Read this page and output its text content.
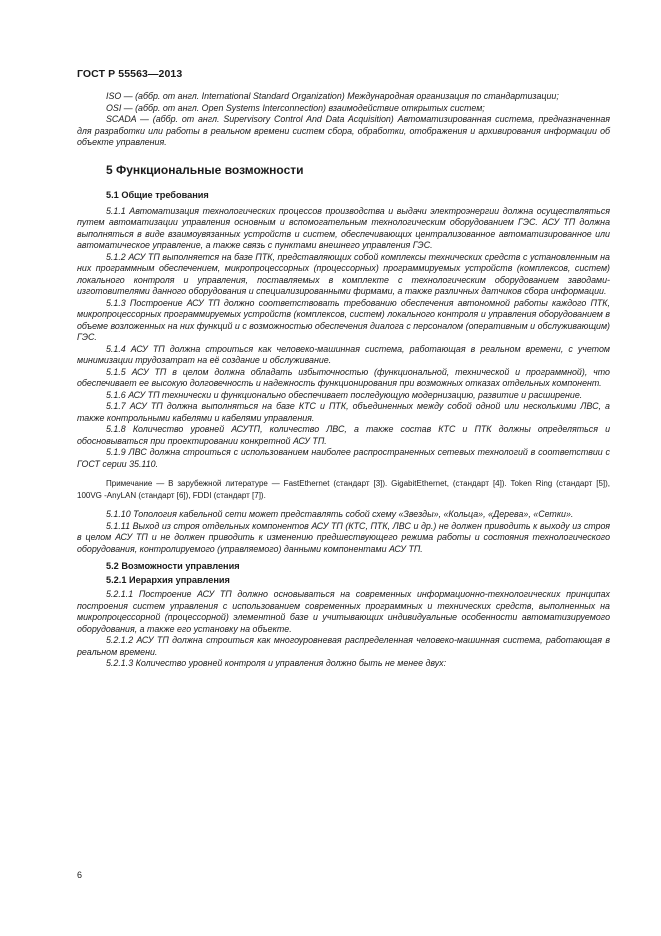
ГОСТ Р 55563—2013

ISO — (аббр. от англ. International Standard Organization) Международная организация по стандартизации;

OSI — (аббр. от англ. Open Systems Interconnection) взаимодействие открытых систем;

SCADA — (аббр. от англ. Supervisory Control And Data Acquisition) Автоматизированная система, предназначенная для разработки или работы в реальном времени систем сбора, обработки, отображения и архивирования информации об объекте управления.

5 Функциональные возможности
5.1 Общие требования

5.1.1 Автоматизация технологических процессов производства и выдачи электроэнергии должна осуществляться путем автоматизации управления основным и вспомогательным технологическим оборудованием ГЭС. АСУ ТП должна выполняться в виде взаимоувязанных устройств и систем, обеспечивающих централизованное автоматизированное или автоматическое управление, а также связь с пунктами внешнего управления ГЭС.

5.1.2 АСУ ТП выполняется на базе ПТК, представляющих собой комплексы технических средств с установленным на них программным обеспечением, микропроцессорных (процессорных) программируемых устройств (комплексов, систем) локального контроля и управления, поставляемых в комплекте с технологическим оборудованием заводами-изготовителями данного оборудования и специализированными фирмами, а также различных датчиков сбора информации.

5.1.3 Построение АСУ ТП должно соответствовать требованию обеспечения автономной работы каждого ПТК, микропроцессорных программируемых устройств (комплексов, систем) локального контроля и управления оборудованием в объеме возложенных на них функций и с возможностью обеспечения диалога с персоналом (оперативным и обслуживающим) ГЭС.

5.1.4 АСУ ТП должна строиться как человеко-машинная система, работающая в реальном времени, с учетом минимизации трудозатрат на её создание и обслуживание.

5.1.5 АСУ ТП в целом должна обладать избыточностью (функциональной, технической и программной), что обеспечивает ее высокую долговечность и надежность функционирования при возможных отказах отдельных компонент.

5.1.6 АСУ ТП технически и функционально обеспечивает последующую модернизацию, развитие и расширение.

5.1.7 АСУ ТП должна выполняться на базе КТС и ПТК, объединенных между собой одной или несколькими ЛВС, а также контрольными кабелями и кабелями управления.

5.1.8 Количество уровней АСУТП, количество ЛВС, а также состав КТС и ПТК должны определяться и обосновываться при проектировании конкретной АСУ ТП.

5.1.9 ЛВС должна строиться с использованием наиболее распространенных сетевых технологий в соответствии с ГОСТ серии 35.110.

Примечание — В зарубежной литературе — FastEthernet (стандарт [3]). GigabitEthernet, (стандарт [4]). Token Ring (стандарт [5]), 100VG -AnyLAN (стандарт [6]), FDDI (стандарт [7]).

5.1.10 Топология кабельной сети может представлять собой схему «Звезды», «Кольца», «Дерева», «Сетки».

5.1.11 Выход из строя отдельных компонентов АСУ ТП (КТС, ПТК, ЛВС и др.) не должен приводить к выходу из строя в целом АСУ ТП и не должен приводить к изменению предшествующего режима работы и состояния технологического оборудования, контролируемого (управляемого) данными компонентами АСУ ТП.

5.2 Возможности управления
5.2.1 Иерархия управления

5.2.1.1 Построение АСУ ТП должно основываться на современных информационно-технологических принципах построения систем управления с использованием современных программных и технических средств, выполненных на микропроцессорной (процессорной) элементной базе и учитывающих индивидуальные особенности автоматизируемого оборудования, а также его установку на объекте.

5.2.1.2 АСУ ТП должна строиться как многоуровневая распределенная человеко-машинная система, работающая в реальном времени.

5.2.1.3 Количество уровней контроля и управления должно быть не менее двух:

6
